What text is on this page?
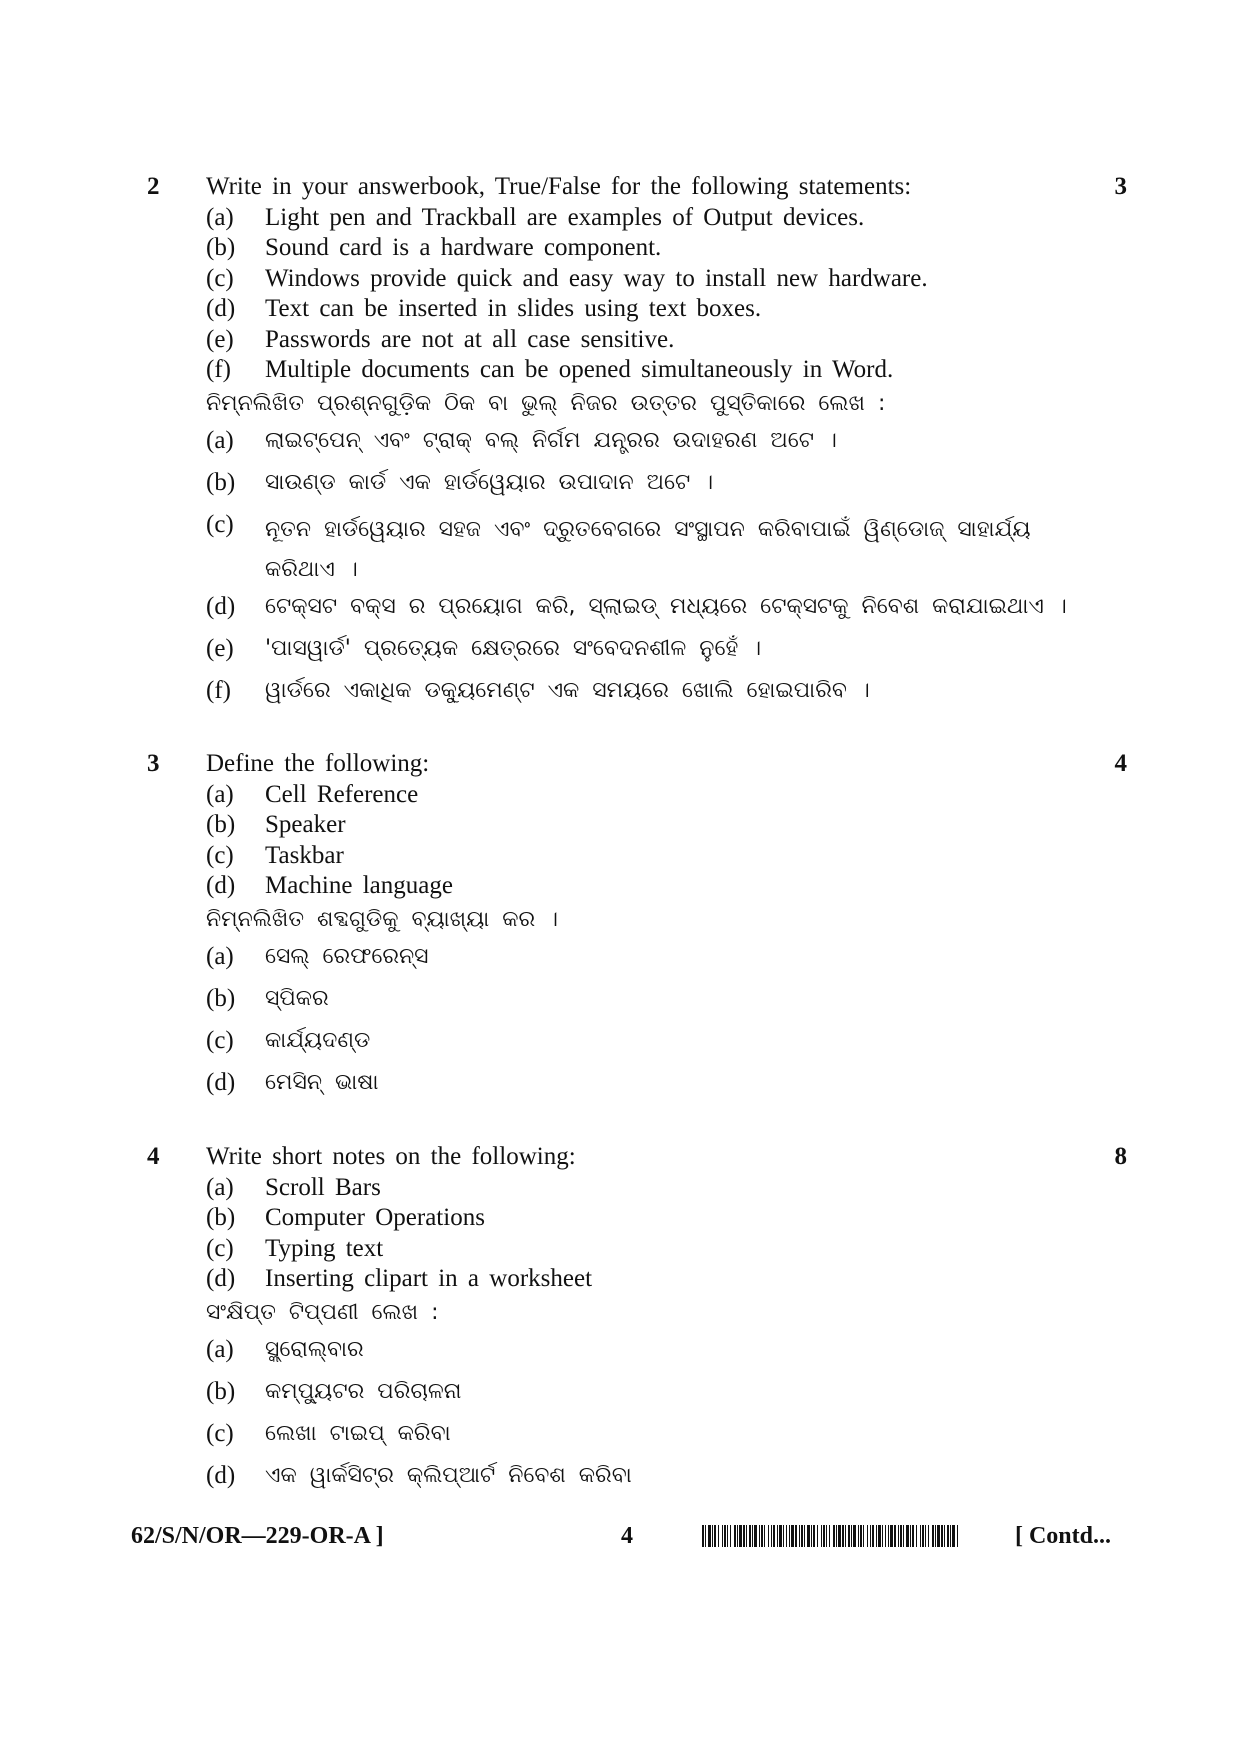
2	3
Write in your answerbook, True/False for the following statements:
(a)	Light pen and Trackball are examples of Output devices.
(b)	Sound card is a hardware component.
(c)	Windows provide quick and easy way to install new hardware.
(d)	Text can be inserted in slides using text boxes.
(e)	Passwords are not at all case sensitive.
(f)	Multiple documents can be opened simultaneously in Word.
ନିମ୍ନଲିଖିତ ପ୍ରଶ୍ନଗୁଡ଼ିକ ଠିକ ବା ଭୁଲ୍ ନିଜର ଉତ୍ତର ପୁସ୍ତିକାରେ ଲେଖ :
(a)	ଲାଇଟ୍‌ପେନ୍ ଏବଂ ଟ୍ରାକ୍ ବଲ୍ ନିର୍ଗମ ଯନ୍ତ୍ରର ଉଦାହରଣ ଅଟେ ।
(b)	ସାଉଣ୍ଡ କାର୍ଡ ଏକ ହାର୍ଡୱେୟାର ଉପାଦାନ ଅଟେ ।
(c)	ନୂତନ ହାର୍ଡୱେୟାର ସହଜ ଏବଂ ଦ୍ରୁତବେଗରେ ସଂସ୍ଥାପନ କରିବାପାଇଁ ୱିଣ୍ଡୋଜ୍ ସାହାର୍ଯ୍ୟ କରିଥାଏ ।
(d)	ଟେକ୍ସଟ ବକ୍ସ ର ପ୍ରୟୋଗ କରି, ସ୍ଲାଇଡ୍ ମଧ୍ୟରେ ଟେକ୍ସଟକୁ ନିବେଶ କରାଯାଇଥାଏ ।
(e)	'ପାସୱାର୍ଡ' ପ୍ରତ୍ୟେକ କ୍ଷେତ୍ରରେ ସଂବେଦନଶୀଳ ନୁହେଁ ।
(f)	ୱାର୍ଡରେ ଏକାଧିକ ଡକ୍ୟୁମେଣ୍ଟ ଏକ ସମୟରେ ଖୋଲି ହୋଇପାରିବ ।
3	4
Define the following:
(a)	Cell Reference
(b)	Speaker
(c)	Taskbar
(d)	Machine language
ନିମ୍ନଲିଖିତ ଶବ୍ଦଗୁଡିକୁ ବ୍ୟାଖ୍ୟା କର ।
(a)	ସେଲ୍ ରେଫରେନ୍ସ
(b)	ସ୍ପିକର
(c)	କାର୍ଯ୍ୟଦଣ୍ଡ
(d)	ମେସିନ୍ ଭାଷା
4	8
Write short notes on the following:
(a)	Scroll Bars
(b)	Computer Operations
(c)	Typing text
(d)	Inserting clipart in a worksheet
ସଂକ୍ଷିପ୍ତ ଟିପ୍ପଣୀ ଲେଖ :
(a)	ସ୍କ୍ରୋଲ୍‌ବାର
(b)	କମ୍ପ୍ୟୁଟର ପରିଚାଳନା
(c)	ଲେଖା ଟାଇପ୍ କରିବା
(d)	ଏକ ୱାର୍କସିଟ୍‌ର କ୍ଲିପ୍‌ଆର୍ଟ ନିବେଶ କରିବା
62/S/N/OR—229-OR-A ]	4	[ Contd...
